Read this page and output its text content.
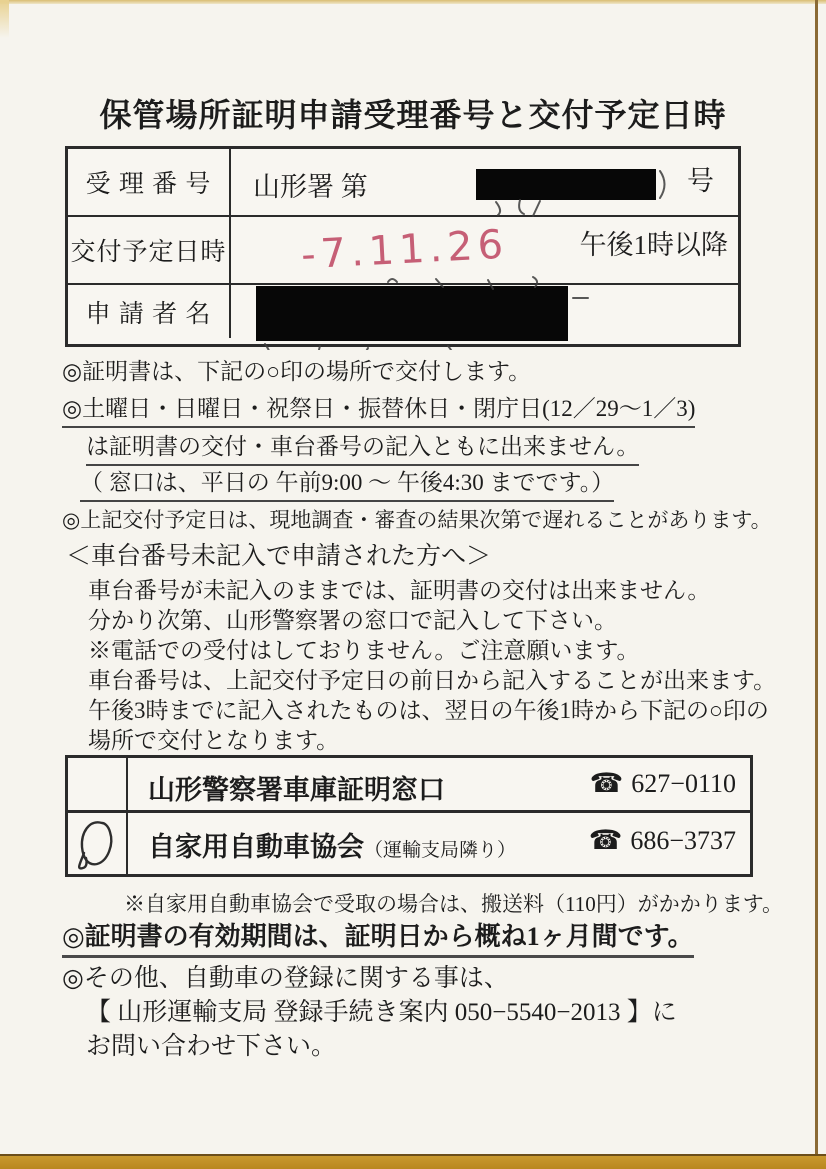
保管場所証明申請受理番号と交付予定日時
受 理 番 号	山形署 第	号
交付予定日時 -7.11.26	午後1時以降
申 請 者 名
◎証明書は、下記の○印の場所で交付します。
◎土曜日・日曜日・祝祭日・振替休日・閉庁日(12／29～1／3)
は証明書の交付・車台番号の記入ともに出来ません。
（ 窓口は、平日の 午前9:00 ～ 午後4:30 までです。）
◎上記交付予定日は、現地調査・審査の結果次第で遅れることがあります。
＜車台番号未記入で申請された方へ＞
車台番号が未記入のままでは、証明書の交付は出来ません。
分かり次第、山形警察署の窓口で記入して下さい。
※電話での受付はしておりません。ご注意願います。
車台番号は、上記交付予定日の前日から記入することが出来ます。
午後3時までに記入されたものは、翌日の午後1時から下記の○印の
場所で交付となります。
山形警察署車庫証明窓口	☎ 627−0110
自家用自動車協会（運輸支局隣り）	☎ 686−3737
※自家用自動車協会で受取の場合は、搬送料（110円）がかかります。
◎証明書の有効期間は、証明日から概ね1ヶ月間です。
◎その他、自動車の登録に関する事は、
【 山形運輸支局 登録手続き案内 050−5540−2013 】に
お問い合わせ下さい。
